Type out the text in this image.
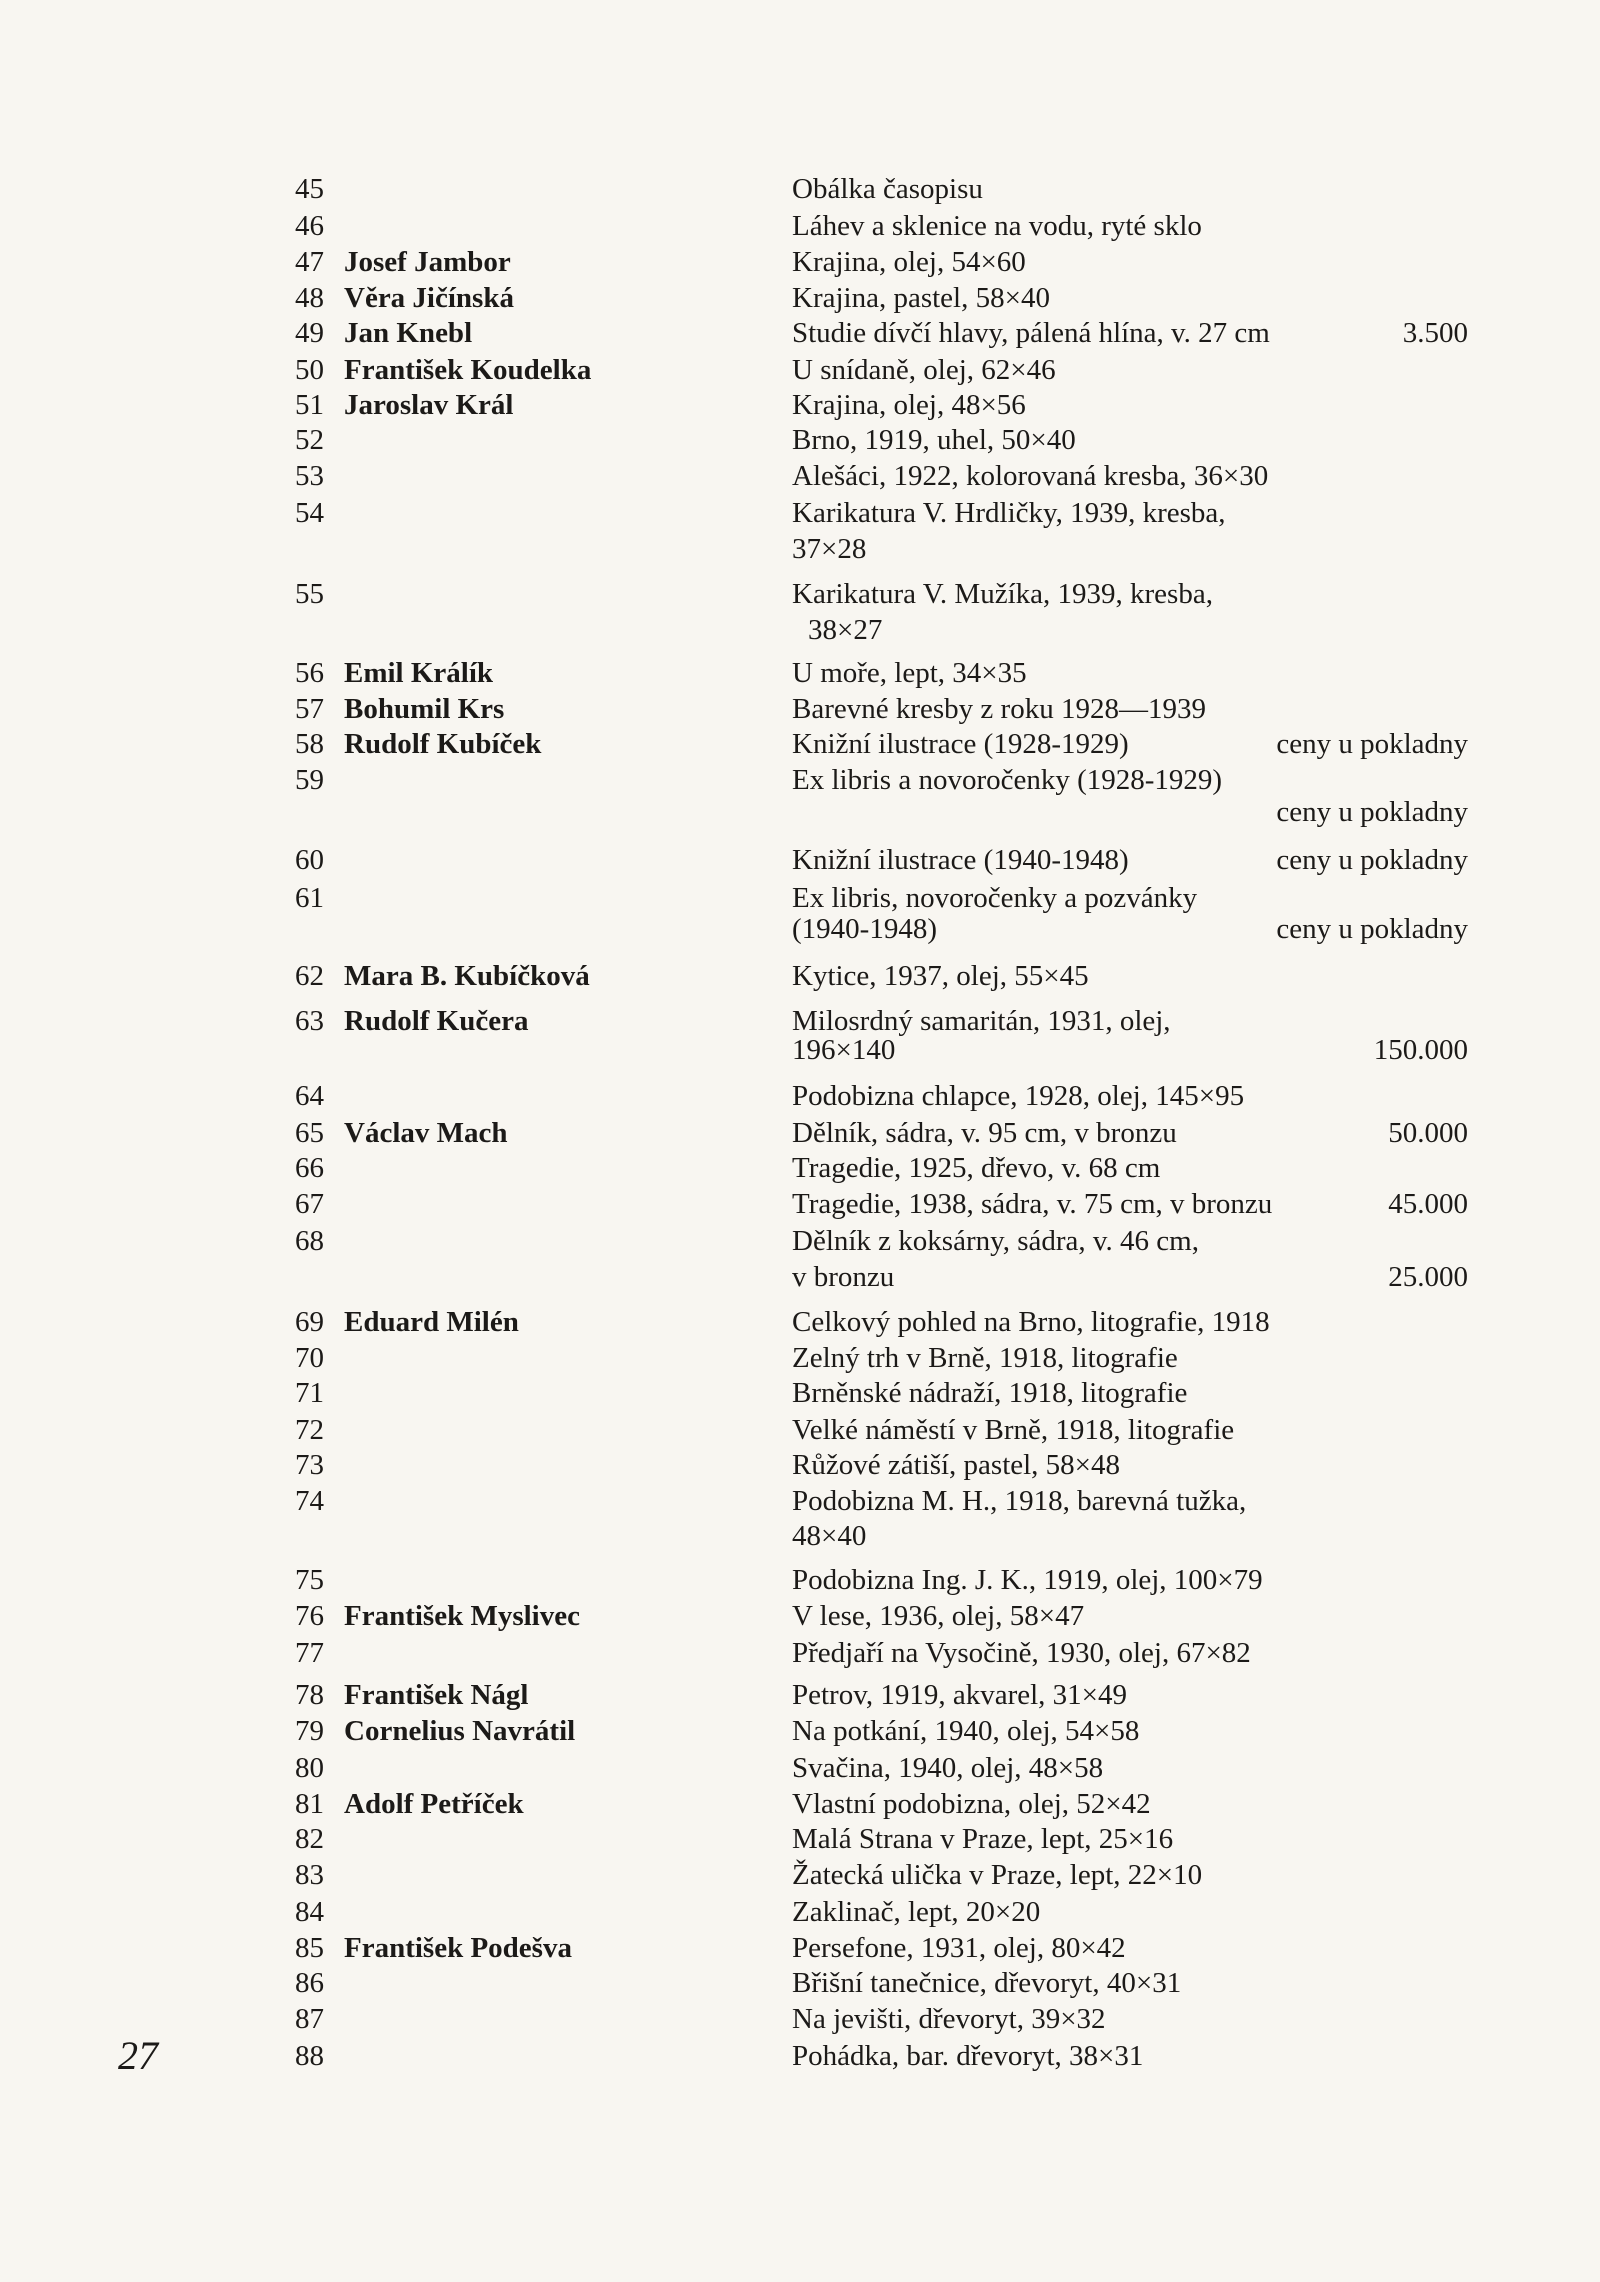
45	Obálka časopisu
46	Láhev a sklenice na vodu, ryté sklo
47 Josef Jambor	Krajina, olej, 54×60
48 Věra Jičínská	Krajina, pastel, 58×40
49 Jan Knebl	Studie dívčí hlavy, pálená hlína, v. 27 cm	3.500
50 František Koudelka	U snídaně, olej, 62×46
51 Jaroslav Král	Krajina, olej, 48×56
52	Brno, 1919, uhel, 50×40
53	Alešáci, 1922, kolorovaná kresba, 36×30
54	Karikatura V. Hrdličky, 1939, kresba,
37×28
55	Karikatura V. Mužíka, 1939, kresba,
38×27
56 Emil Králík	U moře, lept, 34×35
57 Bohumil Krs	Barevné kresby z roku 1928—1939
58 Rudolf Kubíček	Knižní ilustrace (1928-1929)	ceny u pokladny
59	Ex libris a novoročenky (1928-1929)
ceny u pokladny
60	Knižní ilustrace (1940-1948)	ceny u pokladny
61	Ex libris, novoročenky a pozvánky
(1940-1948)	ceny u pokladny
62 Mara B. Kubíčková	Kytice, 1937, olej, 55×45
63 Rudolf Kučera	Milosrdný samaritán, 1931, olej,
196×140	150.000
64	Podobizna chlapce, 1928, olej, 145×95
65 Václav Mach	Dělník, sádra, v. 95 cm, v bronzu	50.000
66	Tragedie, 1925, dřevo, v. 68 cm
67	Tragedie, 1938, sádra, v. 75 cm, v bronzu	45.000
68	Dělník z koksárny, sádra, v. 46 cm,
v bronzu	25.000
69 Eduard Milén	Celkový pohled na Brno, litografie, 1918
70	Zelný trh v Brně, 1918, litografie
71	Brněnské nádraží, 1918, litografie
72	Velké náměstí v Brně, 1918, litografie
73	Růžové zátiší, pastel, 58×48
74	Podobizna M. H., 1918, barevná tužka,
48×40
75	Podobizna Ing. J. K., 1919, olej, 100×79
76 František Myslivec	V lese, 1936, olej, 58×47
77	Předjaří na Vysočině, 1930, olej, 67×82
78 František Nágl	Petrov, 1919, akvarel, 31×49
79 Cornelius Navrátil	Na potkání, 1940, olej, 54×58
80	Svačina, 1940, olej, 48×58
81 Adolf Petříček	Vlastní podobizna, olej, 52×42
82	Malá Strana v Praze, lept, 25×16
83	Žatecká ulička v Praze, lept, 22×10
84	Zaklinač, lept, 20×20
85 František Podešva	Persefone, 1931, olej, 80×42
86	Břišní tanečnice, dřevoryt, 40×31
87	Na jevišti, dřevoryt, 39×32
88	Pohádka, bar. dřevoryt, 38×31
27
